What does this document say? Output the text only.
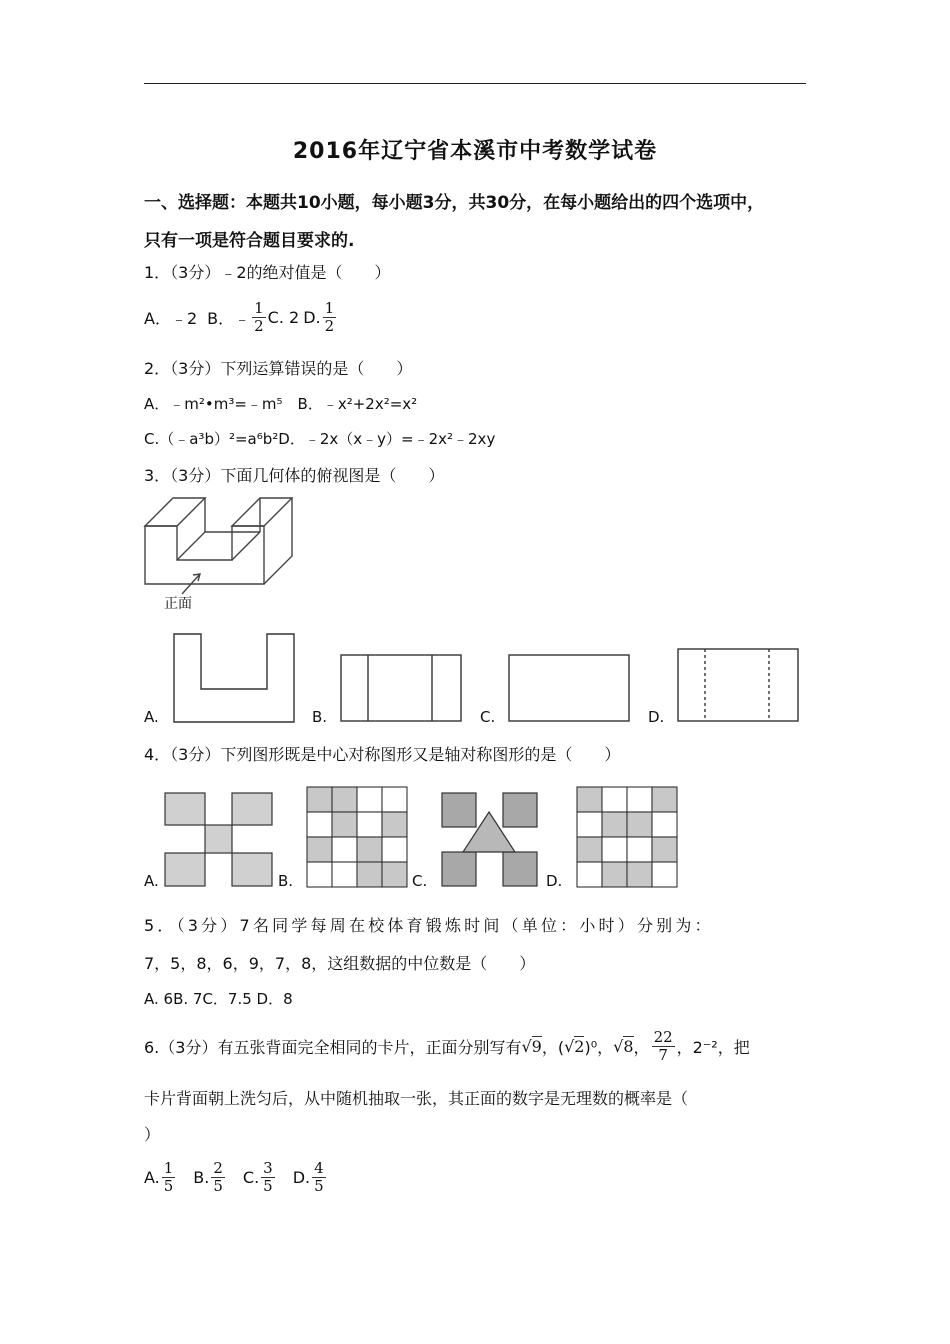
2016年辽宁省本溪市中考数学试卷
一、选择题：本题共10小题，每小题3分，共30分，在每小题给出的四个选项中，
只有一项是符合题目要求的.
1．（3分）﹣2的绝对值是（　　）
A．﹣2 B．﹣ $\frac{1}{2} C$. 2 D. $\frac{1}{2}$
2．（3分）下列运算错误的是（　　）
A．﹣m²•m³=﹣m⁵　B．﹣x²+2x²=x²
C.（﹣a³b）²=a⁶b²D．﹣2x（x﹣y）=﹣2x²﹣2xy
3．（3分）下面几何体的俯视图是（　　）
正面
A.	B.	C.	D.
4．（3分）下列图形既是中心对称图形又是轴对称图形的是（　　）
A.	B.	C.	D.
5．（3分）7名同学每周在校体育锻炼时间（单位：小时）分别为：
7，5，8，6，9，7，8，这组数据的中位数是（　　）
A. 6B. 7C．7.5 D．8
6.（3分）有五张背面完全相同的卡片，正面分别写有 √9 ，( √2 )⁰， √8 ， $\frac{22}{7}$ ，2⁻²，把
卡片背面朝上洗匀后，从中随机抽取一张，其正面的数字是无理数的概率是（
）
A. $\frac{1}{5} B$. $\frac{2}{5} C$. $\frac{3}{5} D$. $\frac{4}{5}$
